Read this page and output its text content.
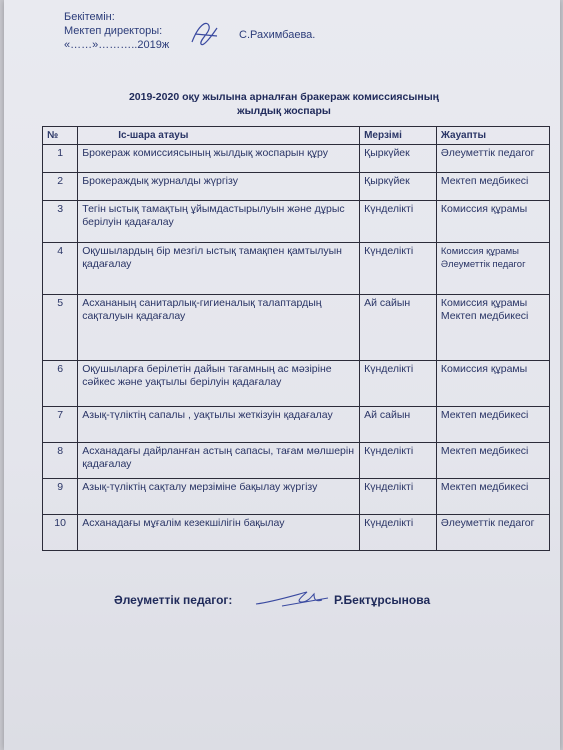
Бекітемін:
Мектеп директоры:
«……»………..2019ж
С.Рахимбаева.
2019-2020 оқу жылына арналған бракераж комиссиясының
жылдық жоспары
№	Іс-шара атауы	Мерзімі	Жауапты
1	Брокераж комиссиясының жылдық жоспарын құру	Қыркүйек	Әлеуметтік педагог
2	Брокераждық журналды жүргізу	Қыркүйек	Мектеп медбикесі
3	Тегін ыстық тамақтың ұйымдастырылуын және дұрыс берілуін қадағалау	Күнделікті	Комиссия құрамы
4	Оқушылардың бір мезгіл ыстық тамақпен қамтылуын қадағалау	Күнделікті	Комиссия құрамы Әлеуметтік педагог
5	Асхананың санитарлық-гигиеналық талаптардың сақталуын қадағалау	Ай сайын	Комиссия құрамы Мектеп медбикесі
6	Оқушыларға берілетін дайын тағамның ас мәзіріне сәйкес және уақтылы берілуін қадағалау	Күнделікті	Комиссия құрамы
7	Азық-түліктің сапалы , уақтылы жеткізуін қадағалау	Ай сайын	Мектеп медбикесі
8	Асханадағы дайрланған астың сапасы, тағам мөлшерін қадағалау	Күнделікті	Мектеп медбикесі
9	Азық-түліктің сақталу мерзіміне бақылау жүргізу	Күнделікті	Мектеп медбикесі
10	Асханадағы мұғалім кезекшілігін бақылау	Күнделікті	Әлеуметтік педагог
Әлеуметтік педагог:	Р.Бектұрсынова
